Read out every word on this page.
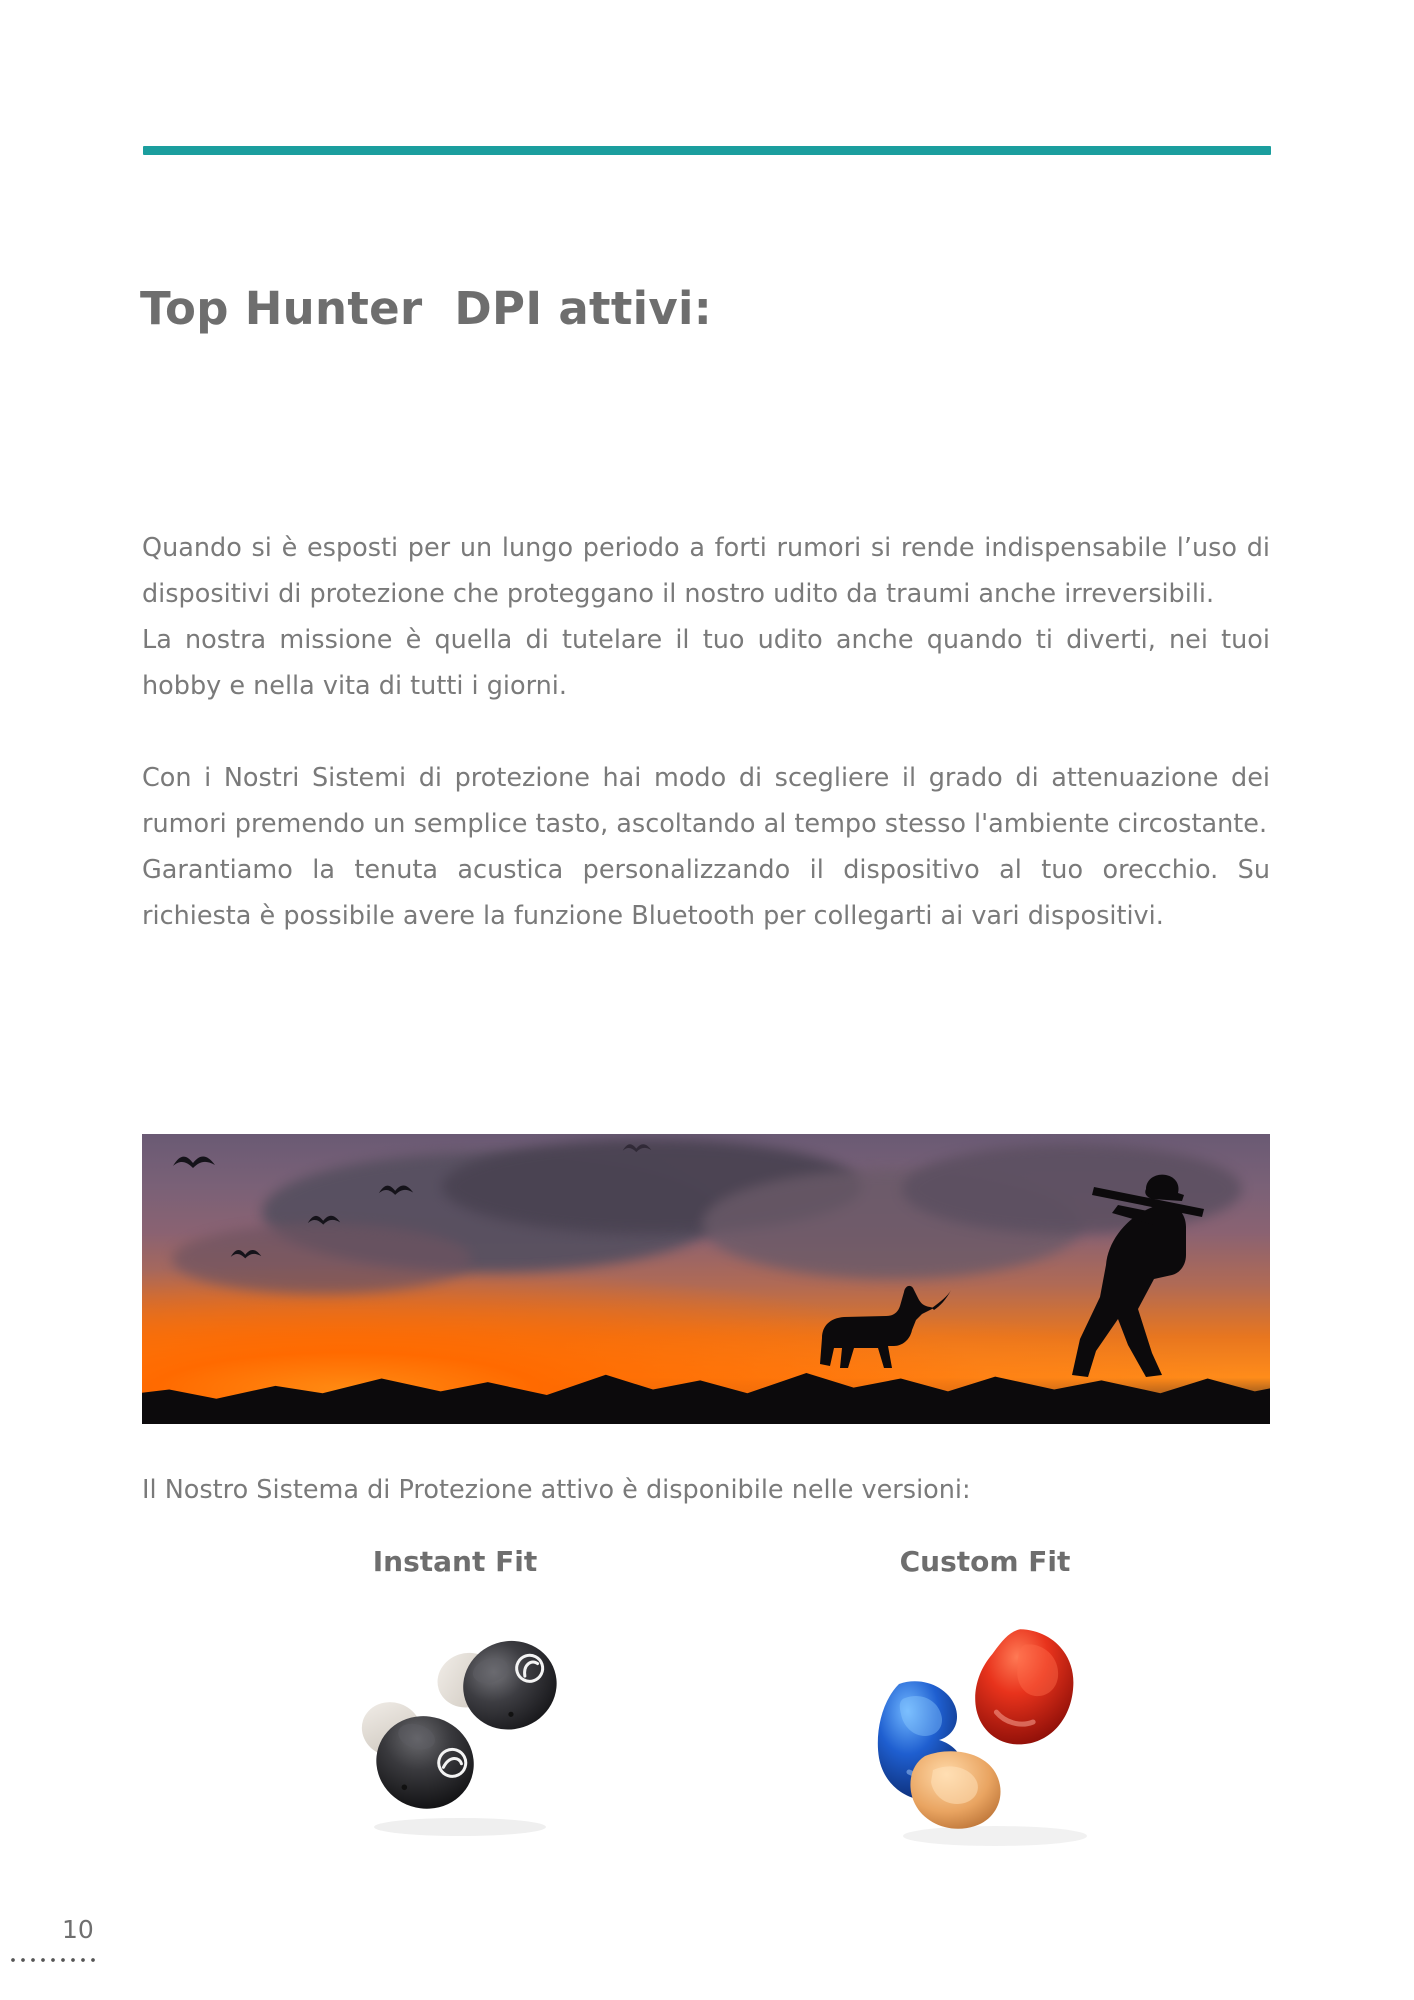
Top Hunter  DPI attivi:

Quando si è esposti per un lungo periodo a forti rumori si rende indispensabile l’uso di dispositivi di protezione che proteggano il nostro udito da traumi anche irreversibili.

La nostra missione è quella di tutelare il tuo udito anche quando ti diverti, nei tuoi hobby e nella vita di tutti i giorni.

Con i Nostri Sistemi di protezione hai modo di scegliere il grado di attenuazione dei rumori premendo un semplice tasto, ascoltando al tempo stesso l'ambiente circostante.

Garantiamo la tenuta acustica personalizzando il dispositivo al tuo orecchio. Su richiesta è possibile avere la funzione Bluetooth per collegarti ai vari dispositivi.

Il Nostro Sistema di Protezione attivo è disponibile nelle versioni:
Instant Fit	Custom Fit
10
